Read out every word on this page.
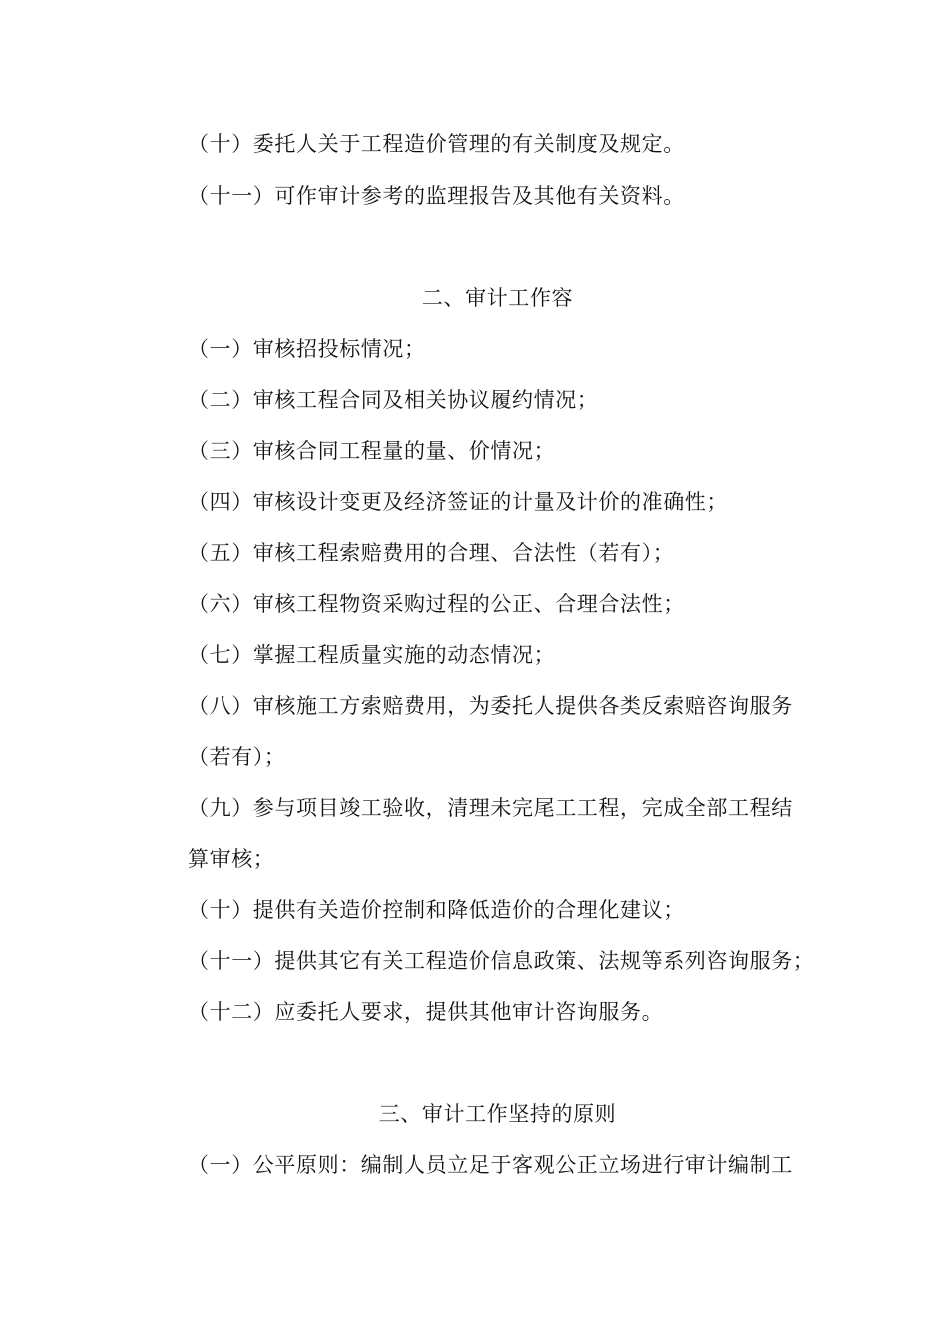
（十）委托人关于工程造价管理的有关制度及规定。
（十一）可作审计参考的监理报告及其他有关资料。
二、审计工作容
（一）审核招投标情况；
（二）审核工程合同及相关协议履约情况；
（三）审核合同工程量的量、价情况；
（四）审核设计变更及经济签证的计量及计价的准确性；
（五）审核工程索赔费用的合理、合法性（若有）；
（六）审核工程物资采购过程的公正、合理合法性；
（七）掌握工程质量实施的动态情况；
（八）审核施工方索赔费用，为委托人提供各类反索赔咨询服务
（若有）；
（九）参与项目竣工验收，清理未完尾工工程，完成全部工程结
算审核；
（十）提供有关造价控制和降低造价的合理化建议；
（十一）提供其它有关工程造价信息政策、法规等系列咨询服务；
（十二）应委托人要求，提供其他审计咨询服务。
三、审计工作坚持的原则
（一）公平原则：编制人员立足于客观公正立场进行审计编制工
